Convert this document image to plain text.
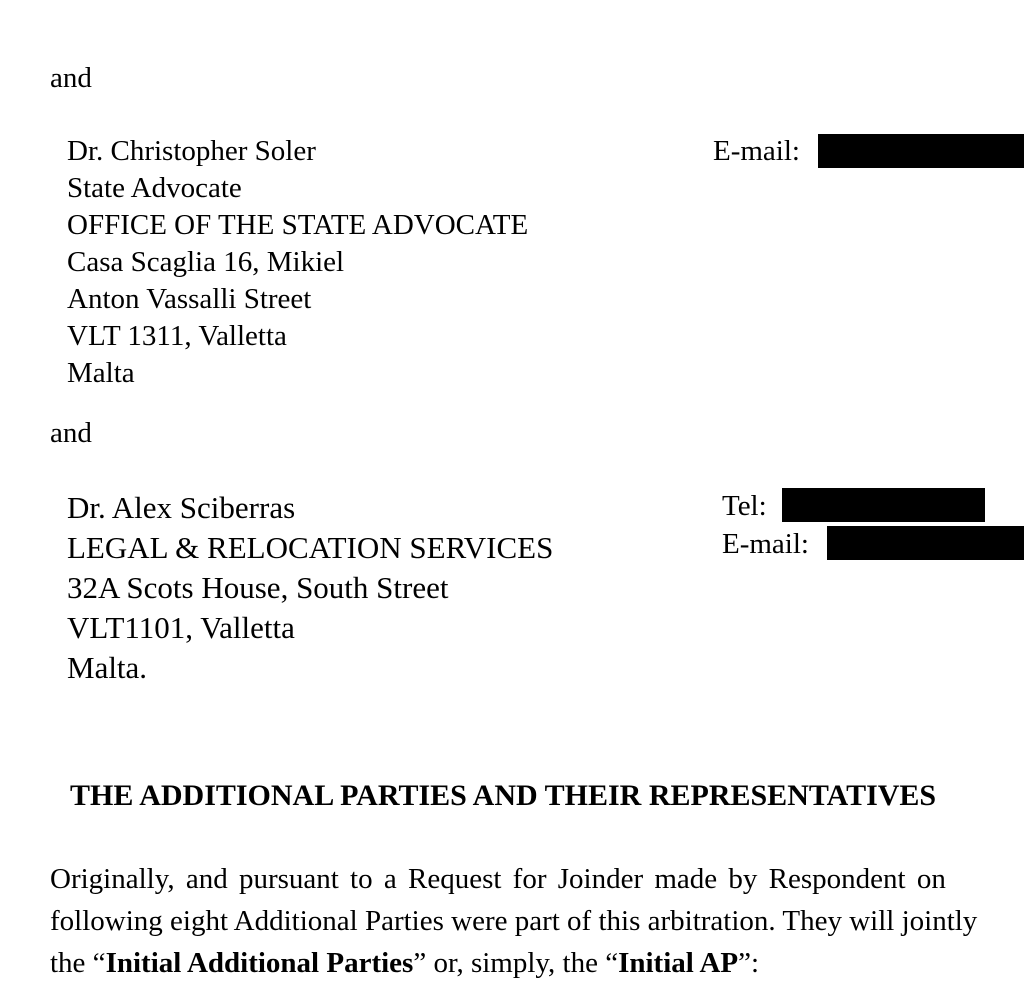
and
Dr. Christopher Soler
State Advocate
OFFICE OF THE STATE ADVOCATE
Casa Scaglia 16, Mikiel
Anton Vassalli Street
VLT 1311, Valletta
Malta
E-mail:
and
Dr. Alex Sciberras
LEGAL & RELOCATION SERVICES
32A Scots House, South Street
VLT1101, Valletta
Malta.
Tel:
E-mail:
THE ADDITIONAL PARTIES AND THEIR REPRESENTATIVES
Originally, and pursuant to a Request for Joinder made by Respondent on
following eight Additional Parties were part of this arbitration. They will jointly
the “Initial Additional Parties” or, simply, the “Initial AP”:
